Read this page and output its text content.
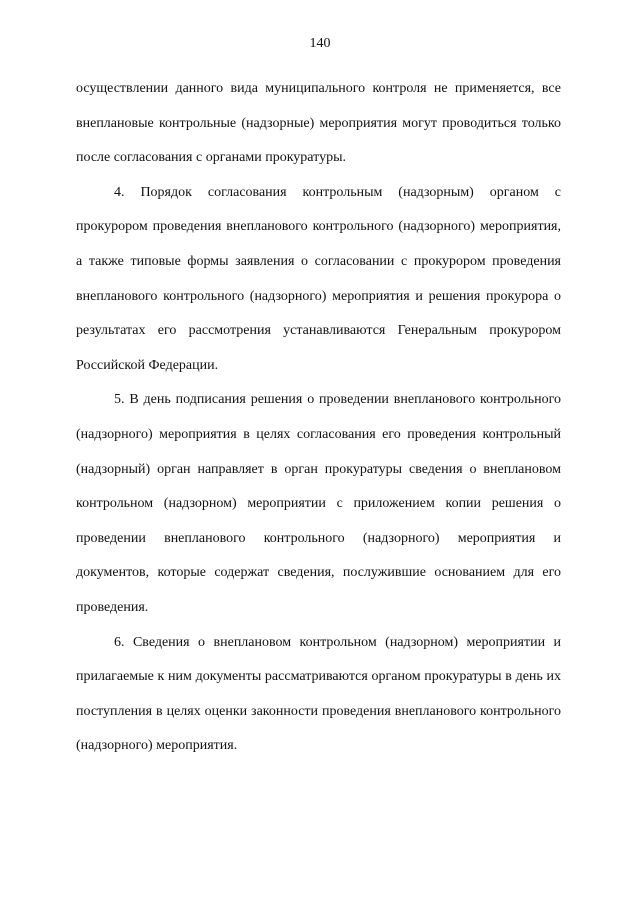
140

осуществлении данного вида муниципального контроля не применяется, все внеплановые контрольные (надзорные) мероприятия могут проводиться только после согласования с органами прокуратуры.

4. Порядок согласования контрольным (надзорным) органом с прокурором проведения внепланового контрольного (надзорного) мероприятия, а также типовые формы заявления о согласовании с прокурором проведения внепланового контрольного (надзорного) мероприятия и решения прокурора о результатах его рассмотрения устанавливаются Генеральным прокурором Российской Федерации.

5. В день подписания решения о проведении внепланового контрольного (надзорного) мероприятия в целях согласования его проведения контрольный (надзорный) орган направляет в орган прокуратуры сведения о внеплановом контрольном (надзорном) мероприятии с приложением копии решения о проведении внепланового контрольного (надзорного) мероприятия и документов, которые содержат сведения, послужившие основанием для его проведения.

6. Сведения о внеплановом контрольном (надзорном) мероприятии и прилагаемые к ним документы рассматриваются органом прокуратуры в день их поступления в целях оценки законности проведения внепланового контрольного (надзорного) мероприятия.
